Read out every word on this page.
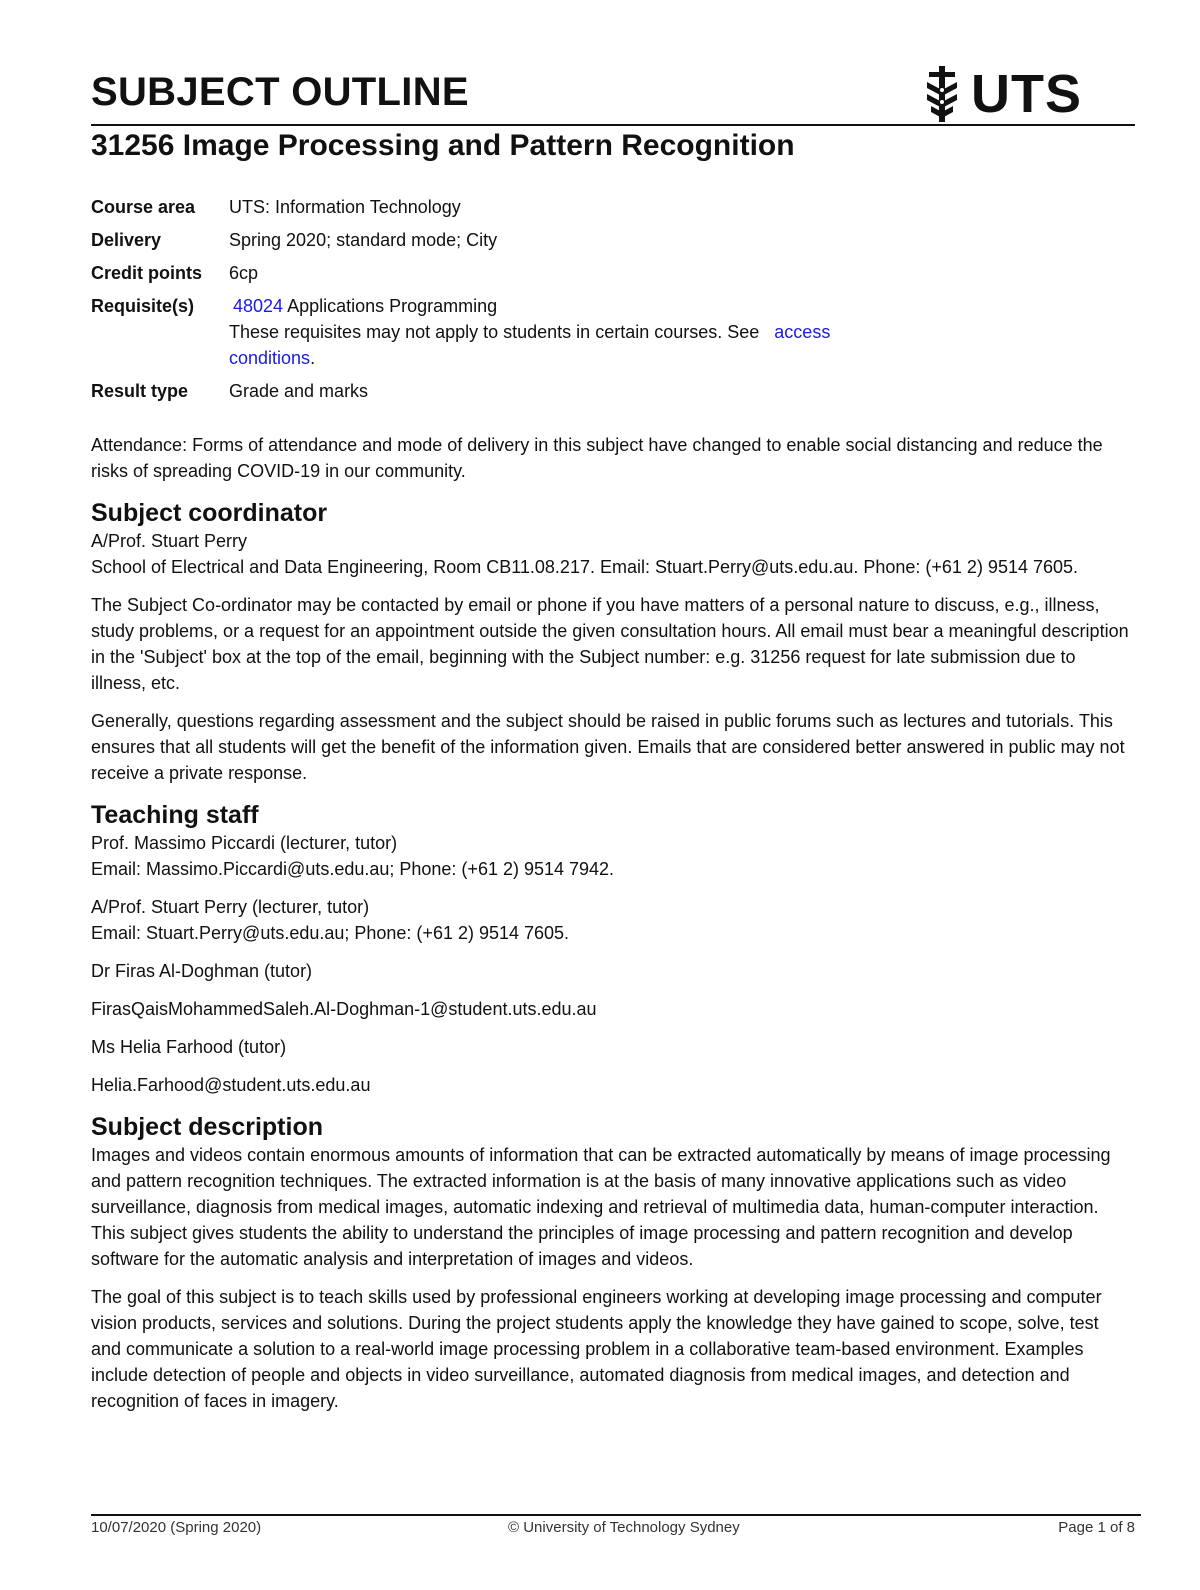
SUBJECT OUTLINE	UTS
31256 Image Processing and Pattern Recognition
Course area	UTS: Information Technology
Delivery	Spring 2020; standard mode; City
Credit points	6cp
Requisite(s)	48024 Applications Programming
These requisites may not apply to students in certain courses. See access
conditions.
Result type	Grade and marks

Attendance: Forms of attendance and mode of delivery in this subject have changed to enable social distancing and reduce the risks of spreading COVID-19 in our community.

Subject coordinator

A/Prof. Stuart Perry
School of Electrical and Data Engineering, Room CB11.08.217. Email: Stuart.Perry@uts.edu.au. Phone: (+61 2) 9514 7605.

The Subject Co-ordinator may be contacted by email or phone if you have matters of a personal nature to discuss, e.g., illness, study problems, or a request for an appointment outside the given consultation hours. All email must bear a meaningful description in the 'Subject' box at the top of the email, beginning with the Subject number: e.g. 31256 request for late submission due to illness, etc.

Generally, questions regarding assessment and the subject should be raised in public forums such as lectures and tutorials. This ensures that all students will get the benefit of the information given. Emails that are considered better answered in public may not receive a private response.

Teaching staff

Prof. Massimo Piccardi (lecturer, tutor)
Email: Massimo.Piccardi@uts.edu.au; Phone: (+61 2) 9514 7942.

A/Prof. Stuart Perry (lecturer, tutor)
Email: Stuart.Perry@uts.edu.au; Phone: (+61 2) 9514 7605.

Dr Firas Al-Doghman (tutor)

FirasQaisMohammedSaleh.Al-Doghman-1@student.uts.edu.au

Ms Helia Farhood (tutor)

Helia.Farhood@student.uts.edu.au

Subject description

Images and videos contain enormous amounts of information that can be extracted automatically by means of image processing and pattern recognition techniques. The extracted information is at the basis of many innovative applications such as video surveillance, diagnosis from medical images, automatic indexing and retrieval of multimedia data, human-computer interaction. This subject gives students the ability to understand the principles of image processing and pattern recognition and develop software for the automatic analysis and interpretation of images and videos.

The goal of this subject is to teach skills used by professional engineers working at developing image processing and computer vision products, services and solutions. During the project students apply the knowledge they have gained to scope, solve, test and communicate a solution to a real-world image processing problem in a collaborative team-based environment. Examples include detection of people and objects in video surveillance, automated diagnosis from medical images, and detection and recognition of faces in imagery.

10/07/2020 (Spring 2020)	© University of Technology Sydney	Page 1 of 8
